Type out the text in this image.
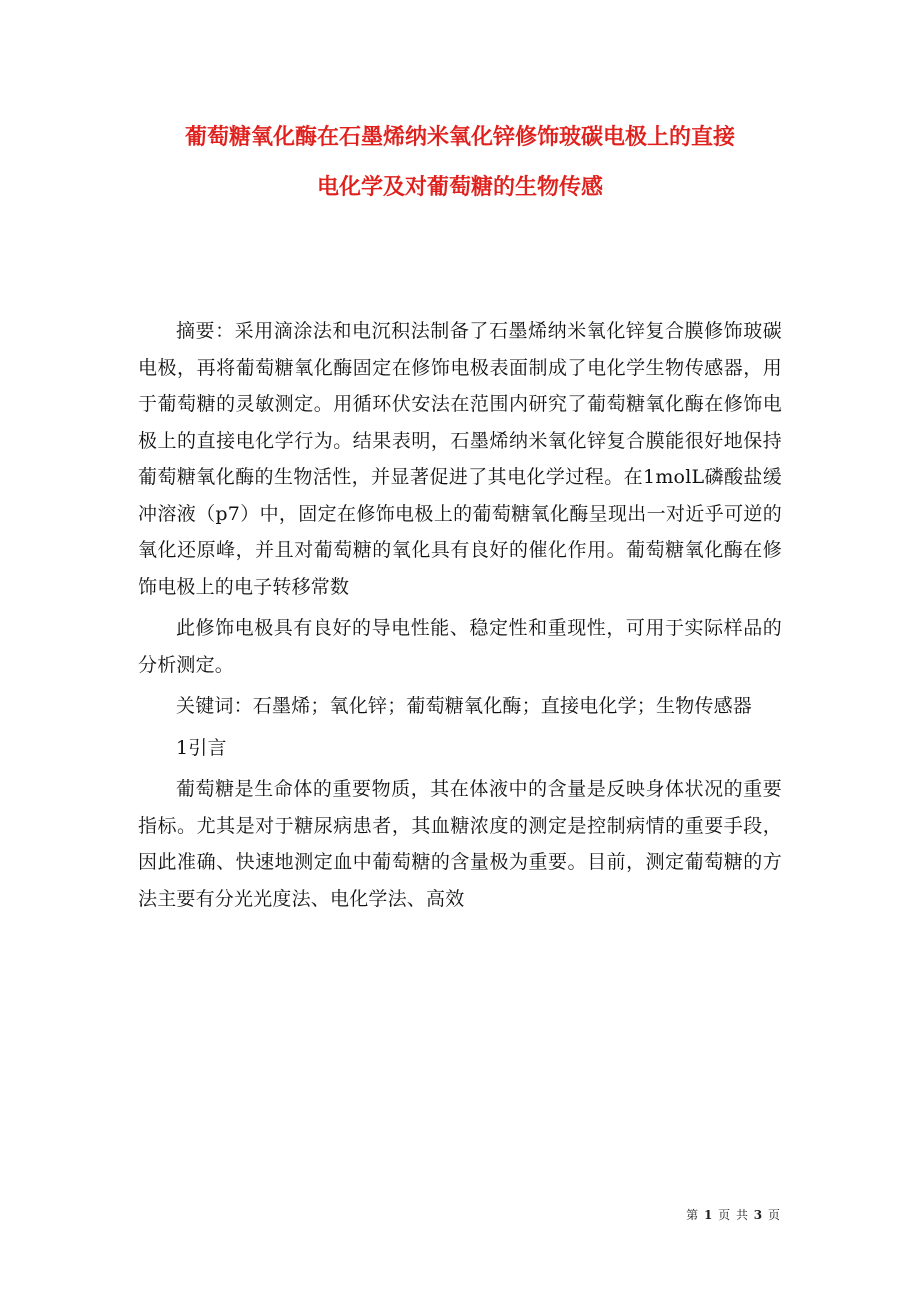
葡萄糖氧化酶在石墨烯纳米氧化锌修饰玻碳电极上的直接
电化学及对葡萄糖的生物传感

摘要：采用滴涂法和电沉积法制备了石墨烯纳米氧化锌复合膜修饰玻碳电极，再将葡萄糖氧化酶固定在修饰电极表面制成了电化学生物传感器，用于葡萄糖的灵敏测定。用循环伏安法在范围内研究了葡萄糖氧化酶在修饰电极上的直接电化学行为。结果表明，石墨烯纳米氧化锌复合膜能很好地保持葡萄糖氧化酶的生物活性，并显著促进了其电化学过程。在1molL磷酸盐缓冲溶液（p7）中，固定在修饰电极上的葡萄糖氧化酶呈现出一对近乎可逆的氧化还原峰，并且对葡萄糖的氧化具有良好的催化作用。葡萄糖氧化酶在修饰电极上的电子转移常数

此修饰电极具有良好的导电性能、稳定性和重现性，可用于实际样品的分析测定。

关键词：石墨烯；氧化锌；葡萄糖氧化酶；直接电化学；生物传感器

1引言

葡萄糖是生命体的重要物质，其在体液中的含量是反映身体状况的重要指标。尤其是对于糖尿病患者，其血糖浓度的测定是控制病情的重要手段，因此准确、快速地测定血中葡萄糖的含量极为重要。目前，测定葡萄糖的方法主要有分光光度法、电化学法、高效

第 1 页 共 3 页
